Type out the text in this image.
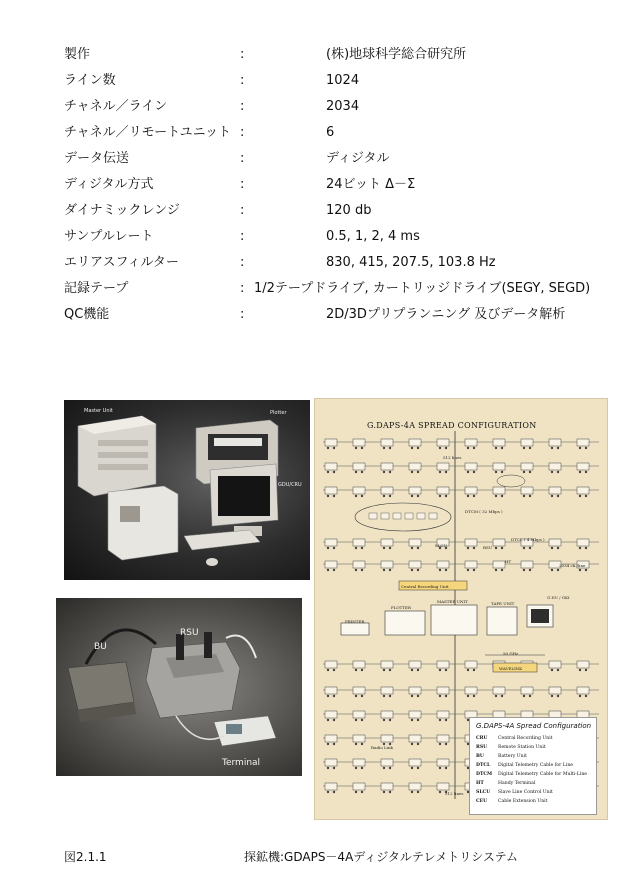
製作	:	(株)地球科学総合研究所
ライン数	:	1024
チャネル／ライン	:	2034
チャネル／リモートユニット :	6
データ伝送	:	ディジタル
ディジタル方式	:	24ビット Δ－Σ
ダイナミックレンジ	:	120 db
サンプルレート	:	0.5, 1, 2, 4 ms
エリアスフィルター	:	830, 415, 207.5, 103.8 Hz
記録テープ	: 1/2テープドライブ, カートリッジドライブ(SEGY, SEGD)
QC機能	:	2D/3Dプリプランニング 及びデータ解析
Master Unit	Plotter
GDU/CRU
BU
RSU
Terminal
G.DAPS-4A SPREAD CONFIGURATION
512 lines
DTCM ( 32 Mbps )
SLCU	RSU
DTCL ( 4 Mbps )
HT
2034 ch./line
Central Recording Unit
PRINTER
PLOTTER
MASTER UNIT	TAPE UNIT
G.DU / GKI
50 GHz
WAVELINK
Radio Link
512 lines
G.DAPS-4A Spread Configuration
CRU Central Recording Unit
RSU Remote Station Unit
BU	Battery Unit
DTCL Digital Telemetry Cable for Line
DTCM Digital Telemetry Cable for Multi-Line
HT	Handy Terminal
SLCU Slave Line Control Unit
CEU Cable Extension Unit
図2.1.1	探鉱機:GDAPS－4Aディジタルテレメトリシステム
